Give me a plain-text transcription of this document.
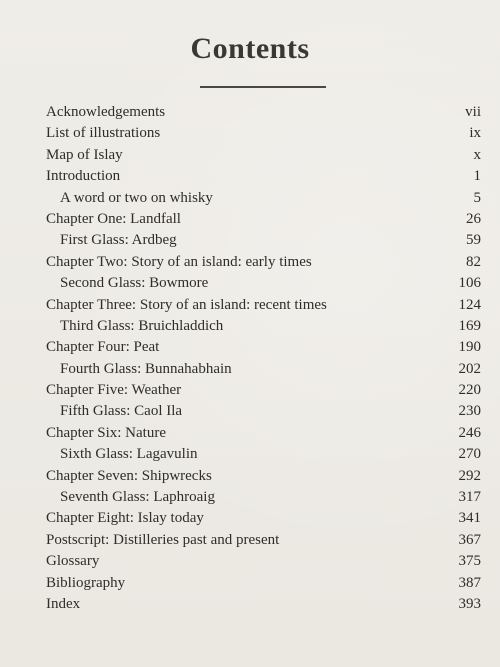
Contents
Acknowledgements	vii
List of illustrations	ix
Map of Islay	x
Introduction	1
A word or two on whisky	5
Chapter One: Landfall	26
First Glass: Ardbeg	59
Chapter Two: Story of an island: early times	82
Second Glass: Bowmore	106
Chapter Three: Story of an island: recent times	124
Third Glass: Bruichladdich	169
Chapter Four: Peat	190
Fourth Glass: Bunnahabhain	202
Chapter Five: Weather	220
Fifth Glass: Caol Ila	230
Chapter Six: Nature	246
Sixth Glass: Lagavulin	270
Chapter Seven: Shipwrecks	292
Seventh Glass: Laphroaig	317
Chapter Eight: Islay today	341
Postscript: Distilleries past and present	367
Glossary	375
Bibliography	387
Index	393
